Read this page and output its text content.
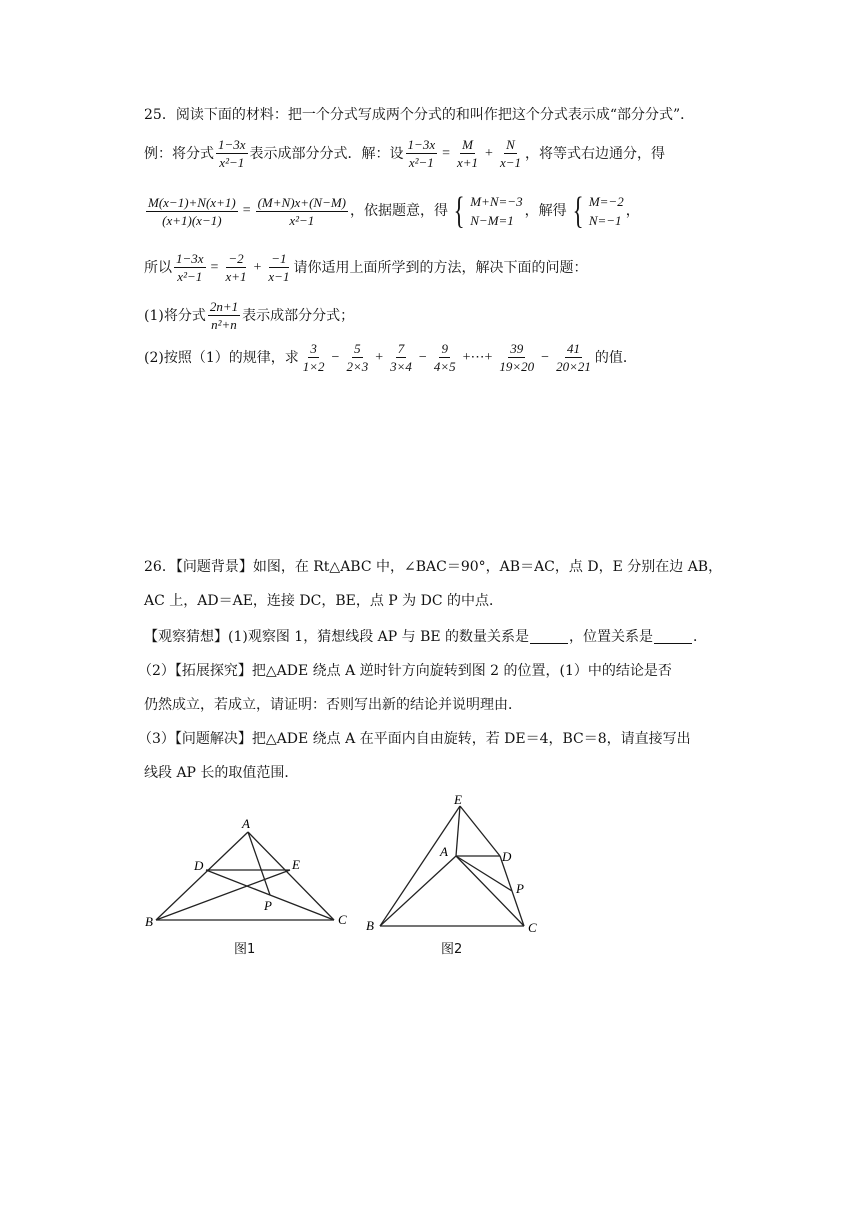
25．阅读下面的材料：把一个分式写成两个分式的和叫作把这个分式表示成“部分分式”．
例：将分式 $\frac{1-3x}{\text{x²−1}}$ 表示成部分分式．解：设 $\frac{1-3x}{\text{x²−1}} = \frac{M}{x+1} + \frac{N}{x-1}$ ，将等式右边通分，得
$\frac{M(x-1)+N(x+1)}{(x+1)(x-1)} = \frac{(M+N)x+(N-M)}{\text{x²−1}}$ ，依据题意，得 { M+N=−3
N−M=1
，解得 { M=−2
N=−1
，
所以 $\frac{1-3x}{\text{x²−1}} = \frac{-2}{x+1} + \frac{-1}{x-1}$ 请你适用上面所学到的方法，解决下面的问题：
(1)将分式 $\frac{2n+1}{\text{n²+n}}$ 表示成部分分式；
(2)按照（1）的规律，求 $\frac{3}{1\times 2} - \frac{5}{2\times 3} + \frac{7}{3\times 4} - \frac{9}{4\times 5}$ +⋯+ $\frac{39}{19\times 20} - \frac{41}{20\times 21}$ 的值．
26．【问题背景】如图，在 Rt△ABC 中，∠BAC＝90°，AB＝AC，点 D，E 分别在边 AB，
AC 上，AD＝AE，连接 DC，BE，点 P 为 DC 的中点．
【观察猜想】(1)观察图 1，猜想线段 AP 与 BE 的数量关系是	，位置关系是	．
（2）【拓展探究】把△ADE 绕点 A 逆时针方向旋转到图 2 的位置，(1）中的结论是否
仍然成立，若成立，请证明：否则写出新的结论并说明理由．
（3）【问题解决】把△ADE 绕点 A 在平面内自由旋转，若 DE＝4，BC＝8，请直接写出
线段 AP 长的取值范围．
A
B	C
D	E
P
图1
E
A
B	C
D
P
图2
